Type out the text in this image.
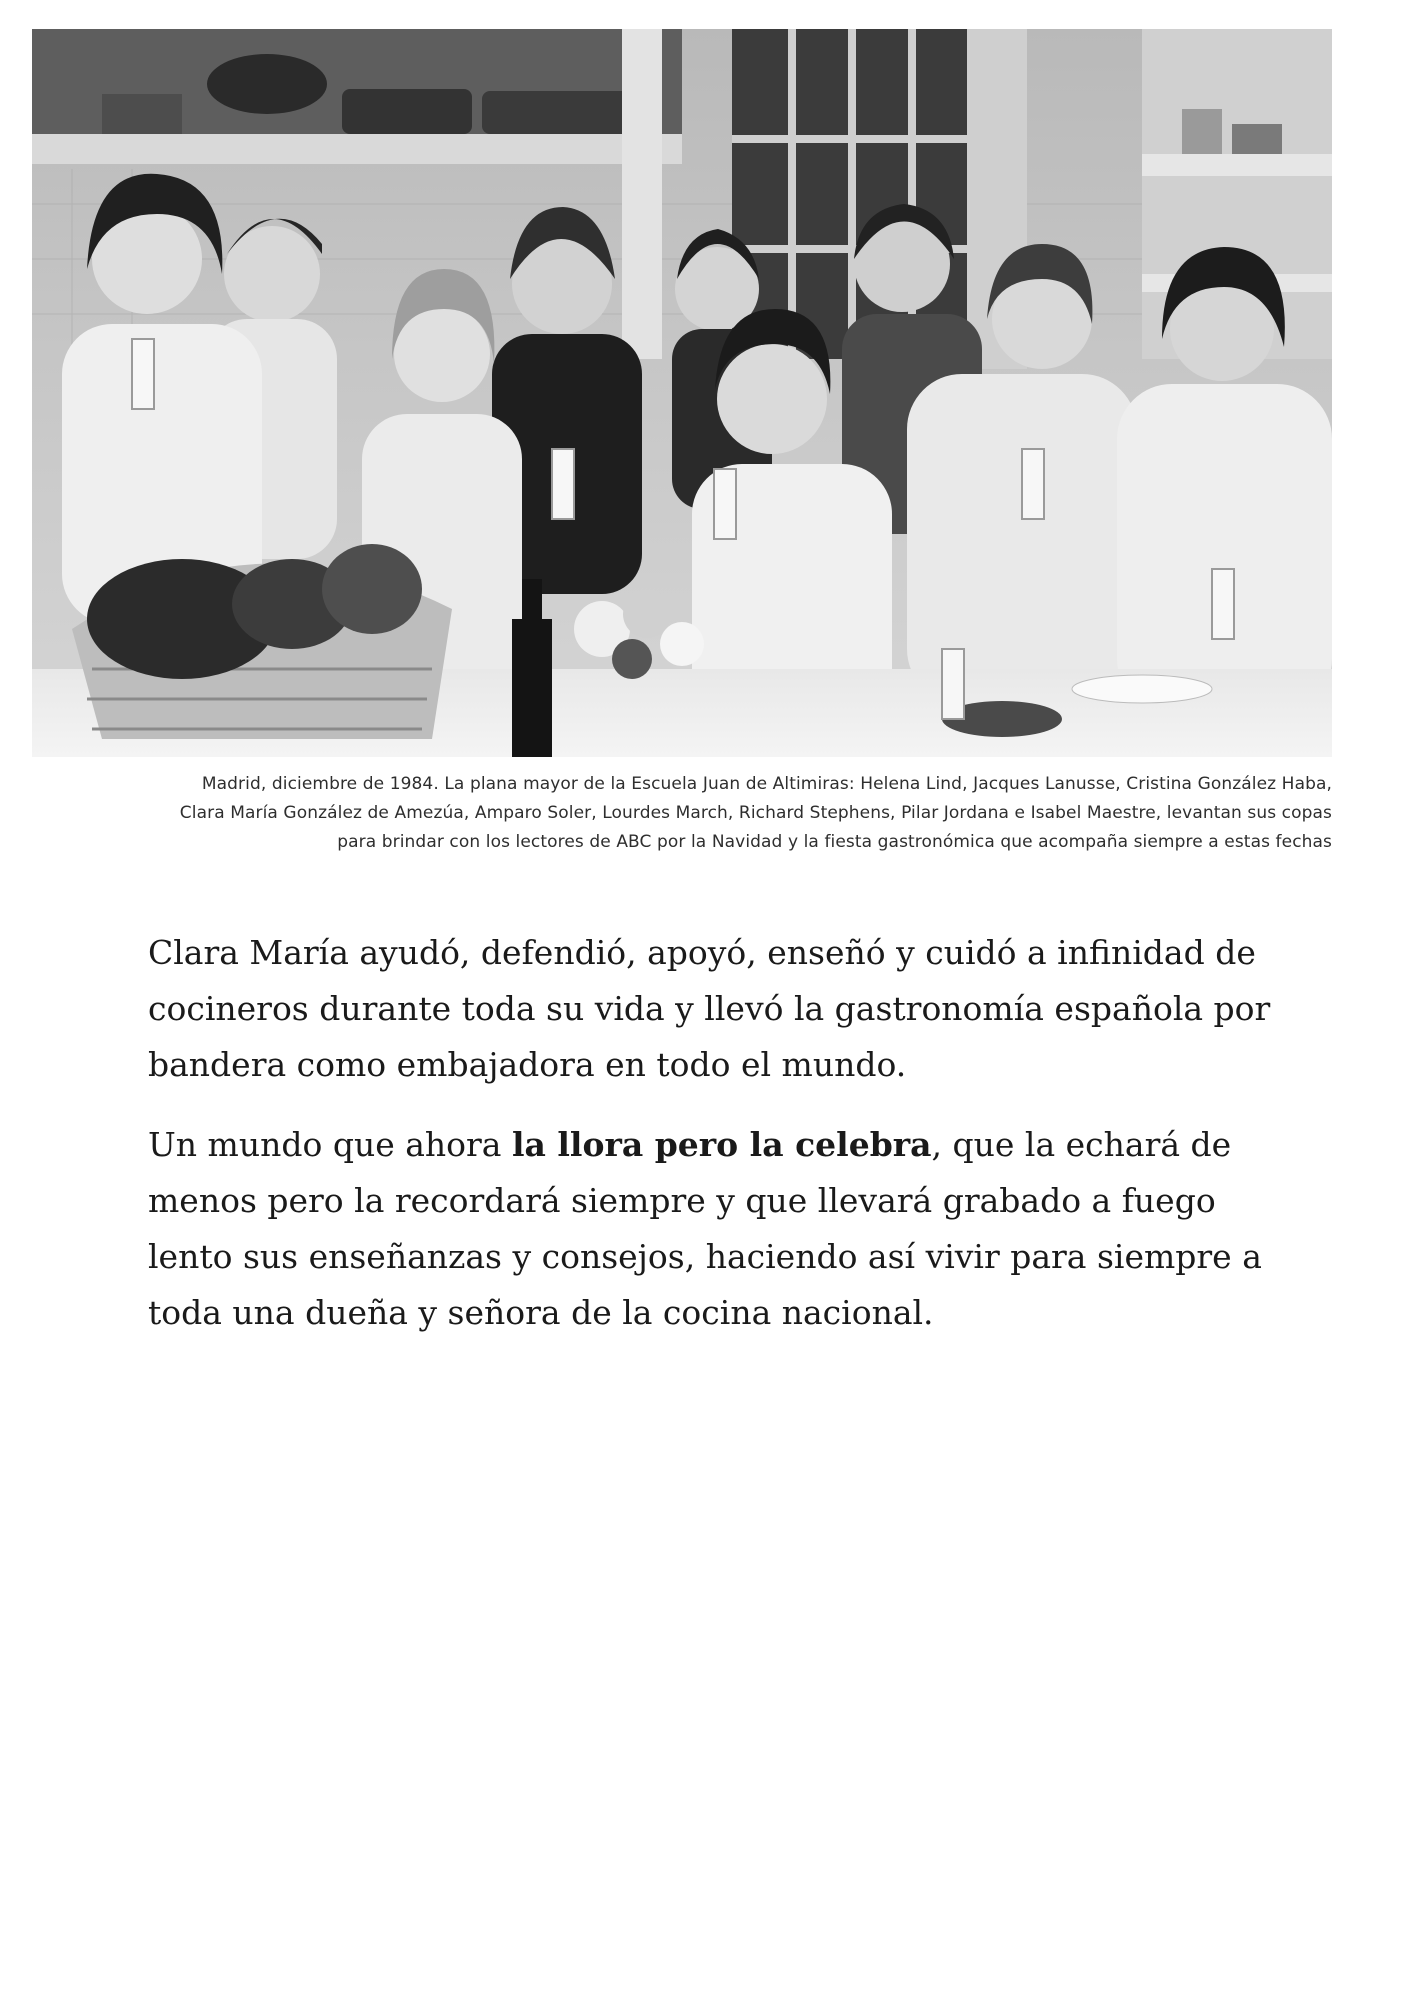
Madrid, diciembre de 1984. La plana mayor de la Escuela Juan de Altimiras: Helena Lind, Jacques Lanusse, Cristina González Haba,
Clara María González de Amezúa, Amparo Soler, Lourdes March, Richard Stephens, Pilar Jordana e Isabel Maestre, levantan sus copas
para brindar con los lectores de ABC por la Navidad y la fiesta gastronómica que acompaña siempre a estas fechas

Clara María ayudó, defendió, apoyó, enseñó y cuidó a infinidad de
cocineros durante toda su vida y llevó la gastronomía española por
bandera como embajadora en todo el mundo.

Un mundo que ahora la llora pero la celebra, que la echará de
menos pero la recordará siempre y que llevará grabado a fuego
lento sus enseñanzas y consejos, haciendo así vivir para siempre a
toda una dueña y señora de la cocina nacional.
